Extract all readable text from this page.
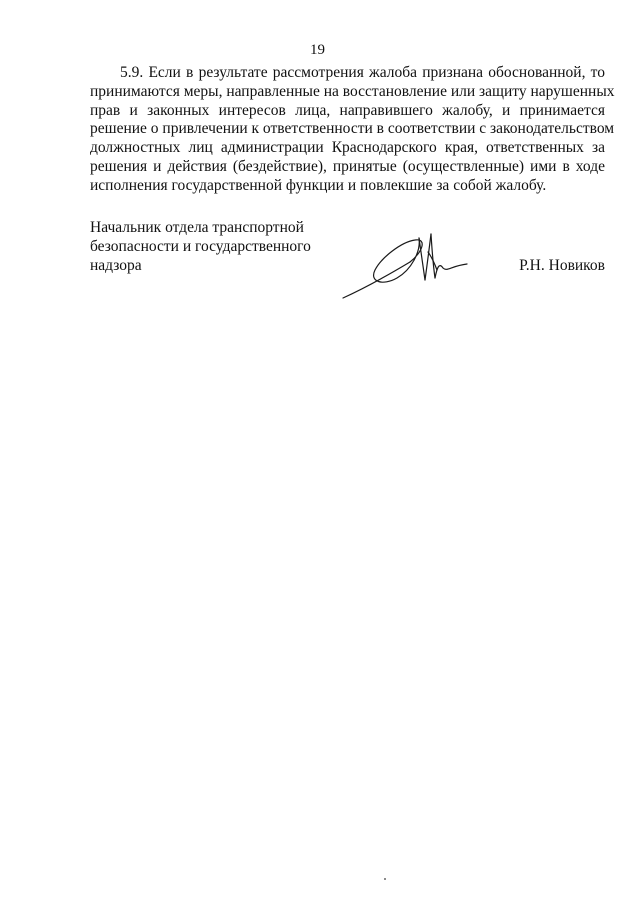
19
5.9. Если в результате рассмотрения жалоба признана обоснованной, то
принимаются меры, направленные на восстановление или защиту нарушенных
прав и законных интересов лица, направившего жалобу, и принимается
решение о привлечении к ответственности в соответствии с законодательством
должностных лиц администрации Краснодарского края, ответственных за
решения и действия (бездействие), принятые (осуществленные) ими в ходе
исполнения государственной функции и повлекшие за собой жалобу.
Начальник отдела транспортной
безопасности и государственного
надзора	Р.Н. Новиков
